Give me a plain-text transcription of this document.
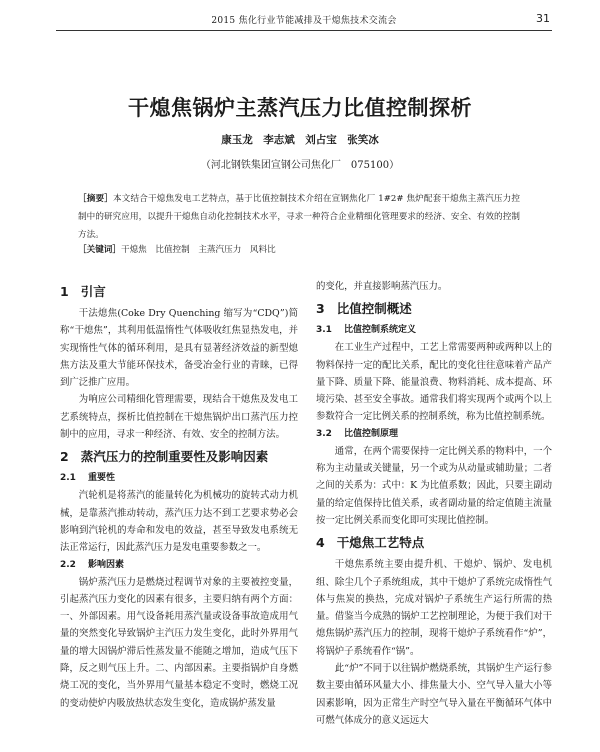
2015 焦化行业节能减排及干熄焦技术交流会	31
干熄焦锅炉主蒸汽压力比值控制探析
康玉龙　李志斌　刘占宝　张笑冰
（河北钢铁集团宣钢公司焦化厂　075100）
［摘要］本文结合干熄焦发电工艺特点，基于比值控制技术介绍在宣钢焦化厂 1#2# 焦炉配套干熄焦主蒸汽压力控制中的研究应用，以提升干熄焦自动化控制技术水平，寻求一种符合企业精细化管理要求的经济、安全、有效的控制方法。
［关键词］干熄焦　比值控制　主蒸汽压力　风料比
1 引言

干法熄焦(Coke Dry Quenching 缩写为“CDQ”)简称“干熄焦”，其利用低温惰性气体吸收红焦显热发电，并实现惰性气体的循环利用，是具有显著经济效益的新型熄焦方法及重大节能环保技术，备受冶金行业的青睐，已得到广泛推广应用。

为响应公司精细化管理需要，现结合干熄焦及发电工艺系统特点，探析比值控制在干熄焦锅炉出口蒸汽压力控制中的应用，寻求一种经济、有效、安全的控制方法。

2 蒸汽压力的控制重要性及影响因素
2.1 重要性

汽轮机是将蒸汽的能量转化为机械功的旋转式动力机械，是靠蒸汽推动转动，蒸汽压力达不到工艺要求势必会影响到汽轮机的寿命和发电的效益，甚至导致发电系统无法正常运行，因此蒸汽压力是发电重要参数之一。

2.2 影响因素

锅炉蒸汽压力是燃烧过程调节对象的主要被控变量，引起蒸汽压力变化的因素有很多，主要归纳有两个方面：一、外部因素。用气设备耗用蒸汽量或设备事故造成用气量的突然变化导致锅炉主汽压力发生变化，此时外界用气量的增大因锅炉滞后性蒸发量不能随之增加，造成气压下降，反之则气压上升。二、内部因素。主要指锅炉自身燃烧工况的变化，当外界用气量基本稳定不变时，燃烧工况的变动使炉内吸放热状态发生变化，造成锅炉蒸发量

的变化，并直接影响蒸汽压力。

3 比值控制概述
3.1 比值控制系统定义

在工业生产过程中，工艺上常需要两种或两种以上的物料保持一定的配比关系，配比的变化往往意味着产品产量下降、质量下降、能量浪费、物料消耗、成本提高、环境污染、甚至安全事故。通常我们将实现两个或两个以上参数符合一定比例关系的控制系统，称为比值控制系统。

3.2 比值控制原理

通常，在两个需要保持一定比例关系的物料中，一个称为主动量或关键量，另一个或为从动量或辅助量；二者之间的关系为：式中：K 为比值系数；因此，只要主副动量的给定值保持比值关系，或者副动量的给定值随主流量按一定比例关系而变化即可实现比值控制。

4 干熄焦工艺特点

干熄焦系统主要由提升机、干熄炉、锅炉、发电机组、除尘几个子系统组成，其中干熄炉了系统完成惰性气体与焦炭的换热，完成对锅炉子系统生产运行所需的热量。借鉴当今成熟的锅炉工艺控制理论，为便于我们对干熄焦锅炉蒸汽压力的控制，现将干熄炉子系统看作“炉”，将锅炉子系统看作“锅”。

此“炉”不同于以往锅炉燃烧系统，其锅炉生产运行参数主要由循环风量大小、排焦量大小、空气导入量大小等因素影响，因为正常生产时空气导入量在平衡循环气体中可燃气体成分的意义远远大
